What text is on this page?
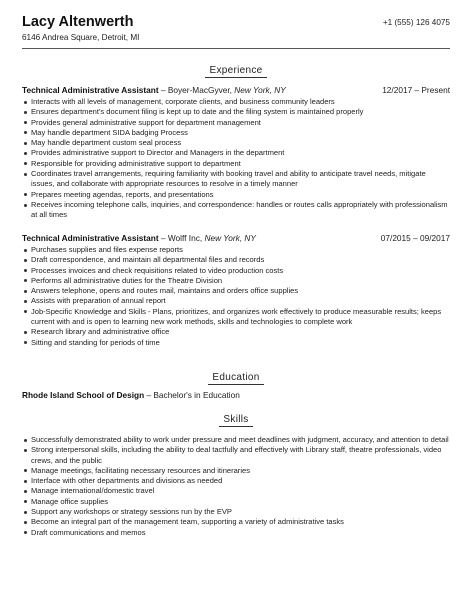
Lacy Altenwerth
6146 Andrea Square, Detroit, MI
+1 (555) 126 4075
Experience
Technical Administrative Assistant – Boyer-MacGyver, New York, NY	12/2017 – Present
Interacts with all levels of management, corporate clients, and business community leaders
Ensures department's document filing is kept up to date and the filing system is maintained properly
Provides general administrative support for department management
May handle department SIDA badging Process
May handle department custom seal process
Provides administrative support to Director and Managers in the department
Responsible for providing administrative support to department
Coordinates travel arrangements, requiring familiarity with booking travel and ability to anticipate travel needs, mitigate issues, and collaborate with appropriate resources to resolve in a timely manner
Prepares meeting agendas, reports, and presentations
Receives incoming telephone calls, inquiries, and correspondence: handles or routes calls appropriately with professionalism at all times
Technical Administrative Assistant – Wolff Inc, New York, NY	07/2015 – 09/2017
Purchases supplies and files expense reports
Draft correspondence, and maintain all departmental files and records
Processes invoices and check requisitions related to video production costs
Performs all administrative duties for the Theatre Division
Answers telephone, opens and routes mail, maintains and orders office supplies
Assists with preparation of annual report
Job-Specific Knowledge and Skills - Plans, prioritizes, and organizes work effectively to produce measurable results; keeps current with and is open to learning new work methods, skills and technologies to complete work
Research library and administrative office
Sitting and standing for periods of time
Education
Rhode Island School of Design – Bachelor's in Education
Skills
Successfully demonstrated ability to work under pressure and meet deadlines with judgment, accuracy, and attention to detail
Strong interpersonal skills, including the ability to deal tactfully and effectively with Library staff, theatre professionals, video crews, and the public
Manage meetings, facilitating necessary resources and itineraries
Interface with other departments and divisions as needed
Manage international/domestic travel
Manage office supplies
Support any workshops or strategy sessions run by the EVP
Become an integral part of the management team, supporting a variety of administrative tasks
Draft communications and memos
